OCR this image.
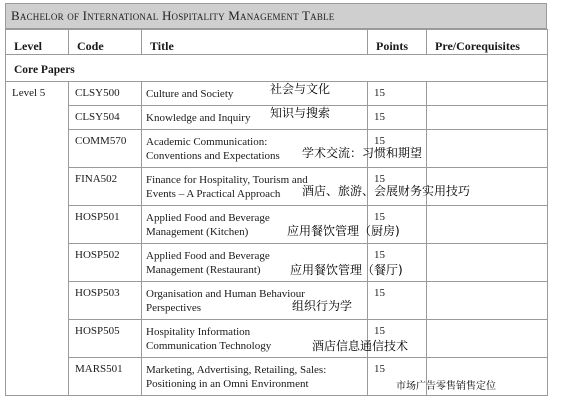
Bachelor of International Hospitality Management Table
Level	Code	Title	Points	Pre/Corequisites
Core Papers				
Level 5	CLSY500	Culture and Society 社会与文化	15	
	CLSY504	Knowledge and Inquiry 知识与搜索	15	
	COMM570	Academic Communication:
Conventions and Expectations 学术交流：习惯和期望	15	
	FINA502	Finance for Hospitality, Tourism and
Events – A Practical Approach 酒店、旅游、会展财务实用技巧	15	
	HOSP501	Applied Food and Beverage
Management (Kitchen) 应用餐饮管理（厨房)	15	
	HOSP502	Applied Food and Beverage
Management (Restaurant) 应用餐饮管理（餐厅)	15	
	HOSP503	Organisation and Human Behaviour
Perspectives 组织行为学	15	
	HOSP505	Hospitality Information
Communication Technology 酒店信息通信技术	15	
	MARS501	Marketing, Advertising, Retailing, Sales:
Positioning in an Omni Environment 市场广告零售销售定位	15	
